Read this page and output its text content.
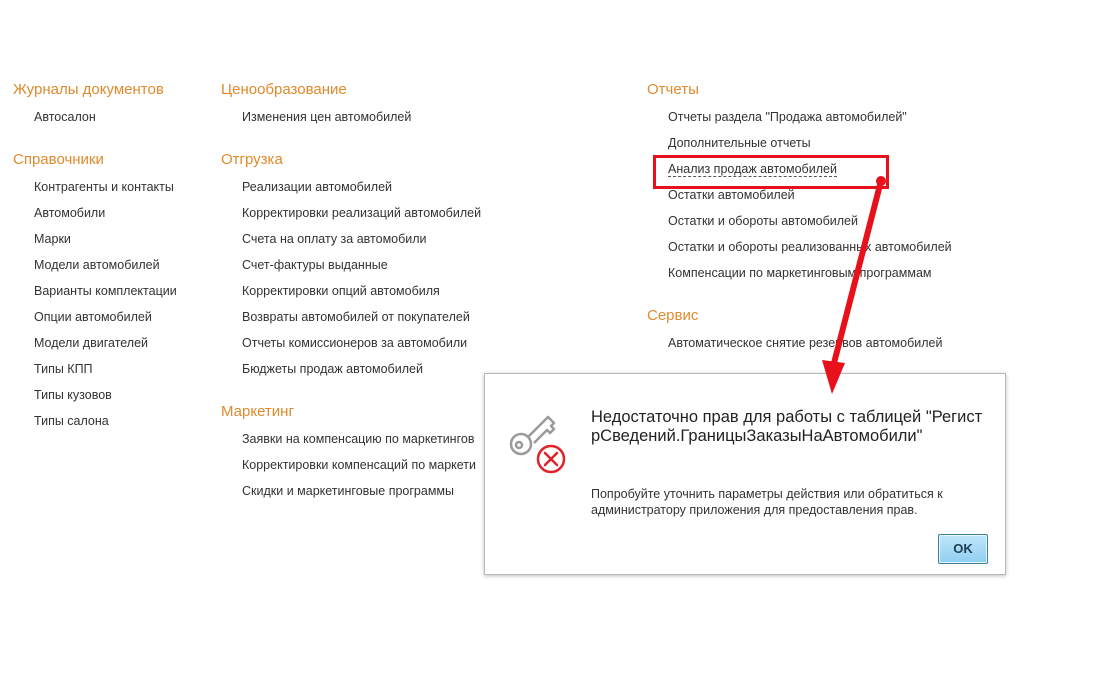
Журналы документов
Автосалон
Справочники
Контрагенты и контакты
Автомобили
Марки
Модели автомобилей
Варианты комплектации
Опции автомобилей
Модели двигателей
Типы КПП
Типы кузовов
Типы салона
Ценообразование
Изменения цен автомобилей
Отгрузка
Реализации автомобилей
Корректировки реализаций автомобилей
Счета на оплату за автомобили
Счет-фактуры выданные
Корректировки опций автомобиля
Возвраты автомобилей от покупателей
Отчеты комиссионеров за автомобили
Бюджеты продаж автомобилей
Маркетинг
Заявки на компенсацию по маркетингов
Корректировки компенсаций по маркети
Скидки и маркетинговые программы
Отчеты
Отчеты раздела "Продажа автомобилей"
Дополнительные отчеты
Анализ продаж автомобилей
Остатки автомобилей
Остатки и обороты автомобилей
Остатки и обороты реализованных автомобилей
Компенсации по маркетинговым программам
Сервис
Автоматическое снятие резервов автомобилей
Недостаточно прав для работы с таблицей "РегистрСведений.ГраницыЗаказыНаАвтомобили"
Попробуйте уточнить параметры действия или обратиться к администратору приложения для предоставления прав.
OK
